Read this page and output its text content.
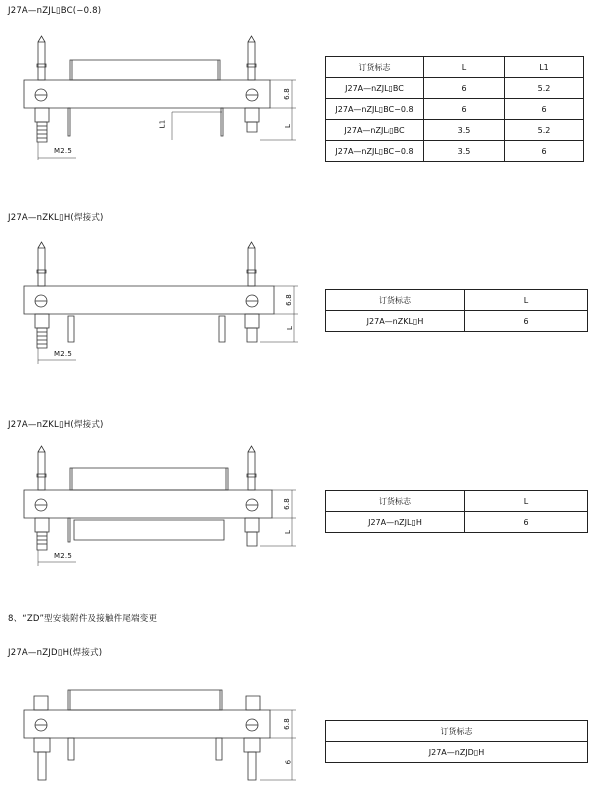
J27A—nZJL▯BC(−0.8)
J27A—nZKL▯H(焊接式)
J27A—nZKL▯H(焊接式)
8、“ZD”型安装附件及接触件尾端变更
J27A—nZJD▯H(焊接式)
6.8
L
L1
M2.5
6.8
L
M2.5
6.8
L
M2.5
6.8
6
订货标志	L	L1
J27A—nZJL▯BC	6	5.2
J27A—nZJL▯BC−0.8	6	6
J27A—nZJLᵢ▯BC	3.5	5.2
J27A—nZJL▯BC−0.8	3.5	6
订货标志	L
J27A—nZKL▯H	6
订货标志	L
J27A—nZJL▯H	6
订货标志
J27A—nZJD▯H
